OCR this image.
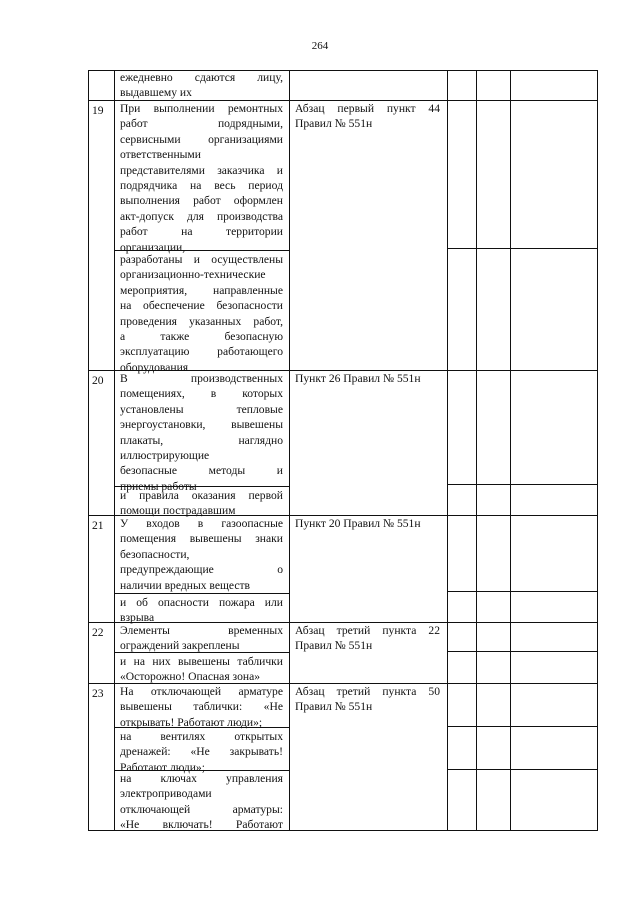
264
ежедневно сдаются лицу,
выдавшему их
19 При выполнении ремонтных
работ подрядными,
сервисными организациями
ответственными
представителями заказчика и
подрядчика на весь период
выполнения работ оформлен
акт-допуск для производства
работ на территории
организации,
разработаны и осуществлены
организационно-технические
мероприятия, направленные
на обеспечение безопасности
проведения указанных работ,
а также безопасную
эксплуатацию работающего
оборудования
Абзац первый пункт 44
Правил № 551н
20 В производственных
помещениях, в которых
установлены тепловые
энергоустановки, вывешены
плакаты, наглядно
иллюстрирующие
безопасные методы и
приемы работы
и правила оказания первой
помощи пострадавшим
Пункт 26 Правил № 551н
21 У входов в газоопасные
помещения вывешены знаки
безопасности,
предупреждающие о
наличии вредных веществ
и об опасности пожара или
взрыва
Пункт 20 Правил № 551н
22 Элементы временных
ограждений закреплены
и на них вывешены таблички
«Осторожно! Опасная зона»
Абзац третий пункта 22
Правил № 551н
23 На отключающей арматуре
вывешены таблички: «Не
открывать! Работают люди»;
на вентилях открытых
дренажей: «Не закрывать!
Работают люди»;
на ключах управления
электроприводами
отключающей арматуры:
«Не включать! Работают
Абзац третий пункта 50
Правил № 551н
